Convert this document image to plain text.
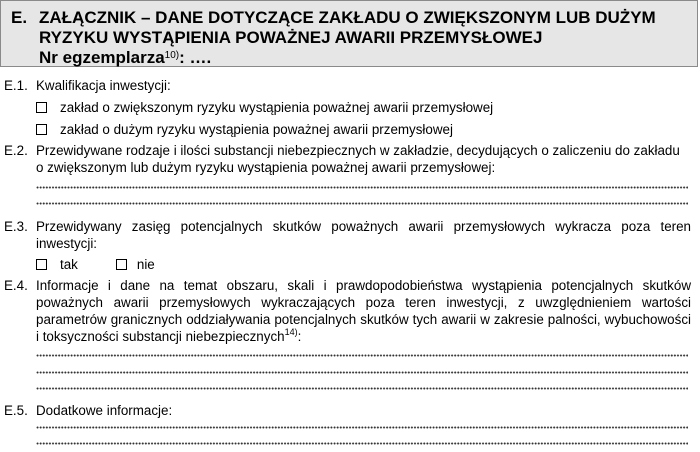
E. ZAŁĄCZNIK – DANE DOTYCZĄCE ZAKŁADU O ZWIĘKSZONYM LUB DUŻYM
RYZYKU WYSTĄPIENIA POWAŻNEJ AWARII PRZEMYSŁOWEJ
Nr egzemplarza$^{10)}$: ….
E.1. Kwalifikacja inwestycji:
zakład o zwiększonym ryzyku wystąpienia poważnej awarii przemysłowej
zakład o dużym ryzyku wystąpienia poważnej awarii przemysłowej
E.2. Przewidywane rodzaje i ilości substancji niebezpiecznych w zakładzie, decydujących o zaliczeniu do zakładu
o zwiększonym lub dużym ryzyku wystąpienia poważnej awarii przemysłowej:
E.3. Przewidywany zasięg potencjalnych skutków poważnych awarii przemysłowych wykracza poza teren
inwestycji:
tak	nie
E.4. Informacje i dane na temat obszaru, skali i prawdopodobieństwa wystąpienia potencjalnych skutków
poważnych awarii przemysłowych wykraczających poza teren inwestycji, z uwzględnieniem wartości
parametrów granicznych oddziaływania potencjalnych skutków tych awarii w zakresie palności, wybuchowości
i toksyczności substancji niebezpiecznych$^{14)}$:
E.5. Dodatkowe informacje:
